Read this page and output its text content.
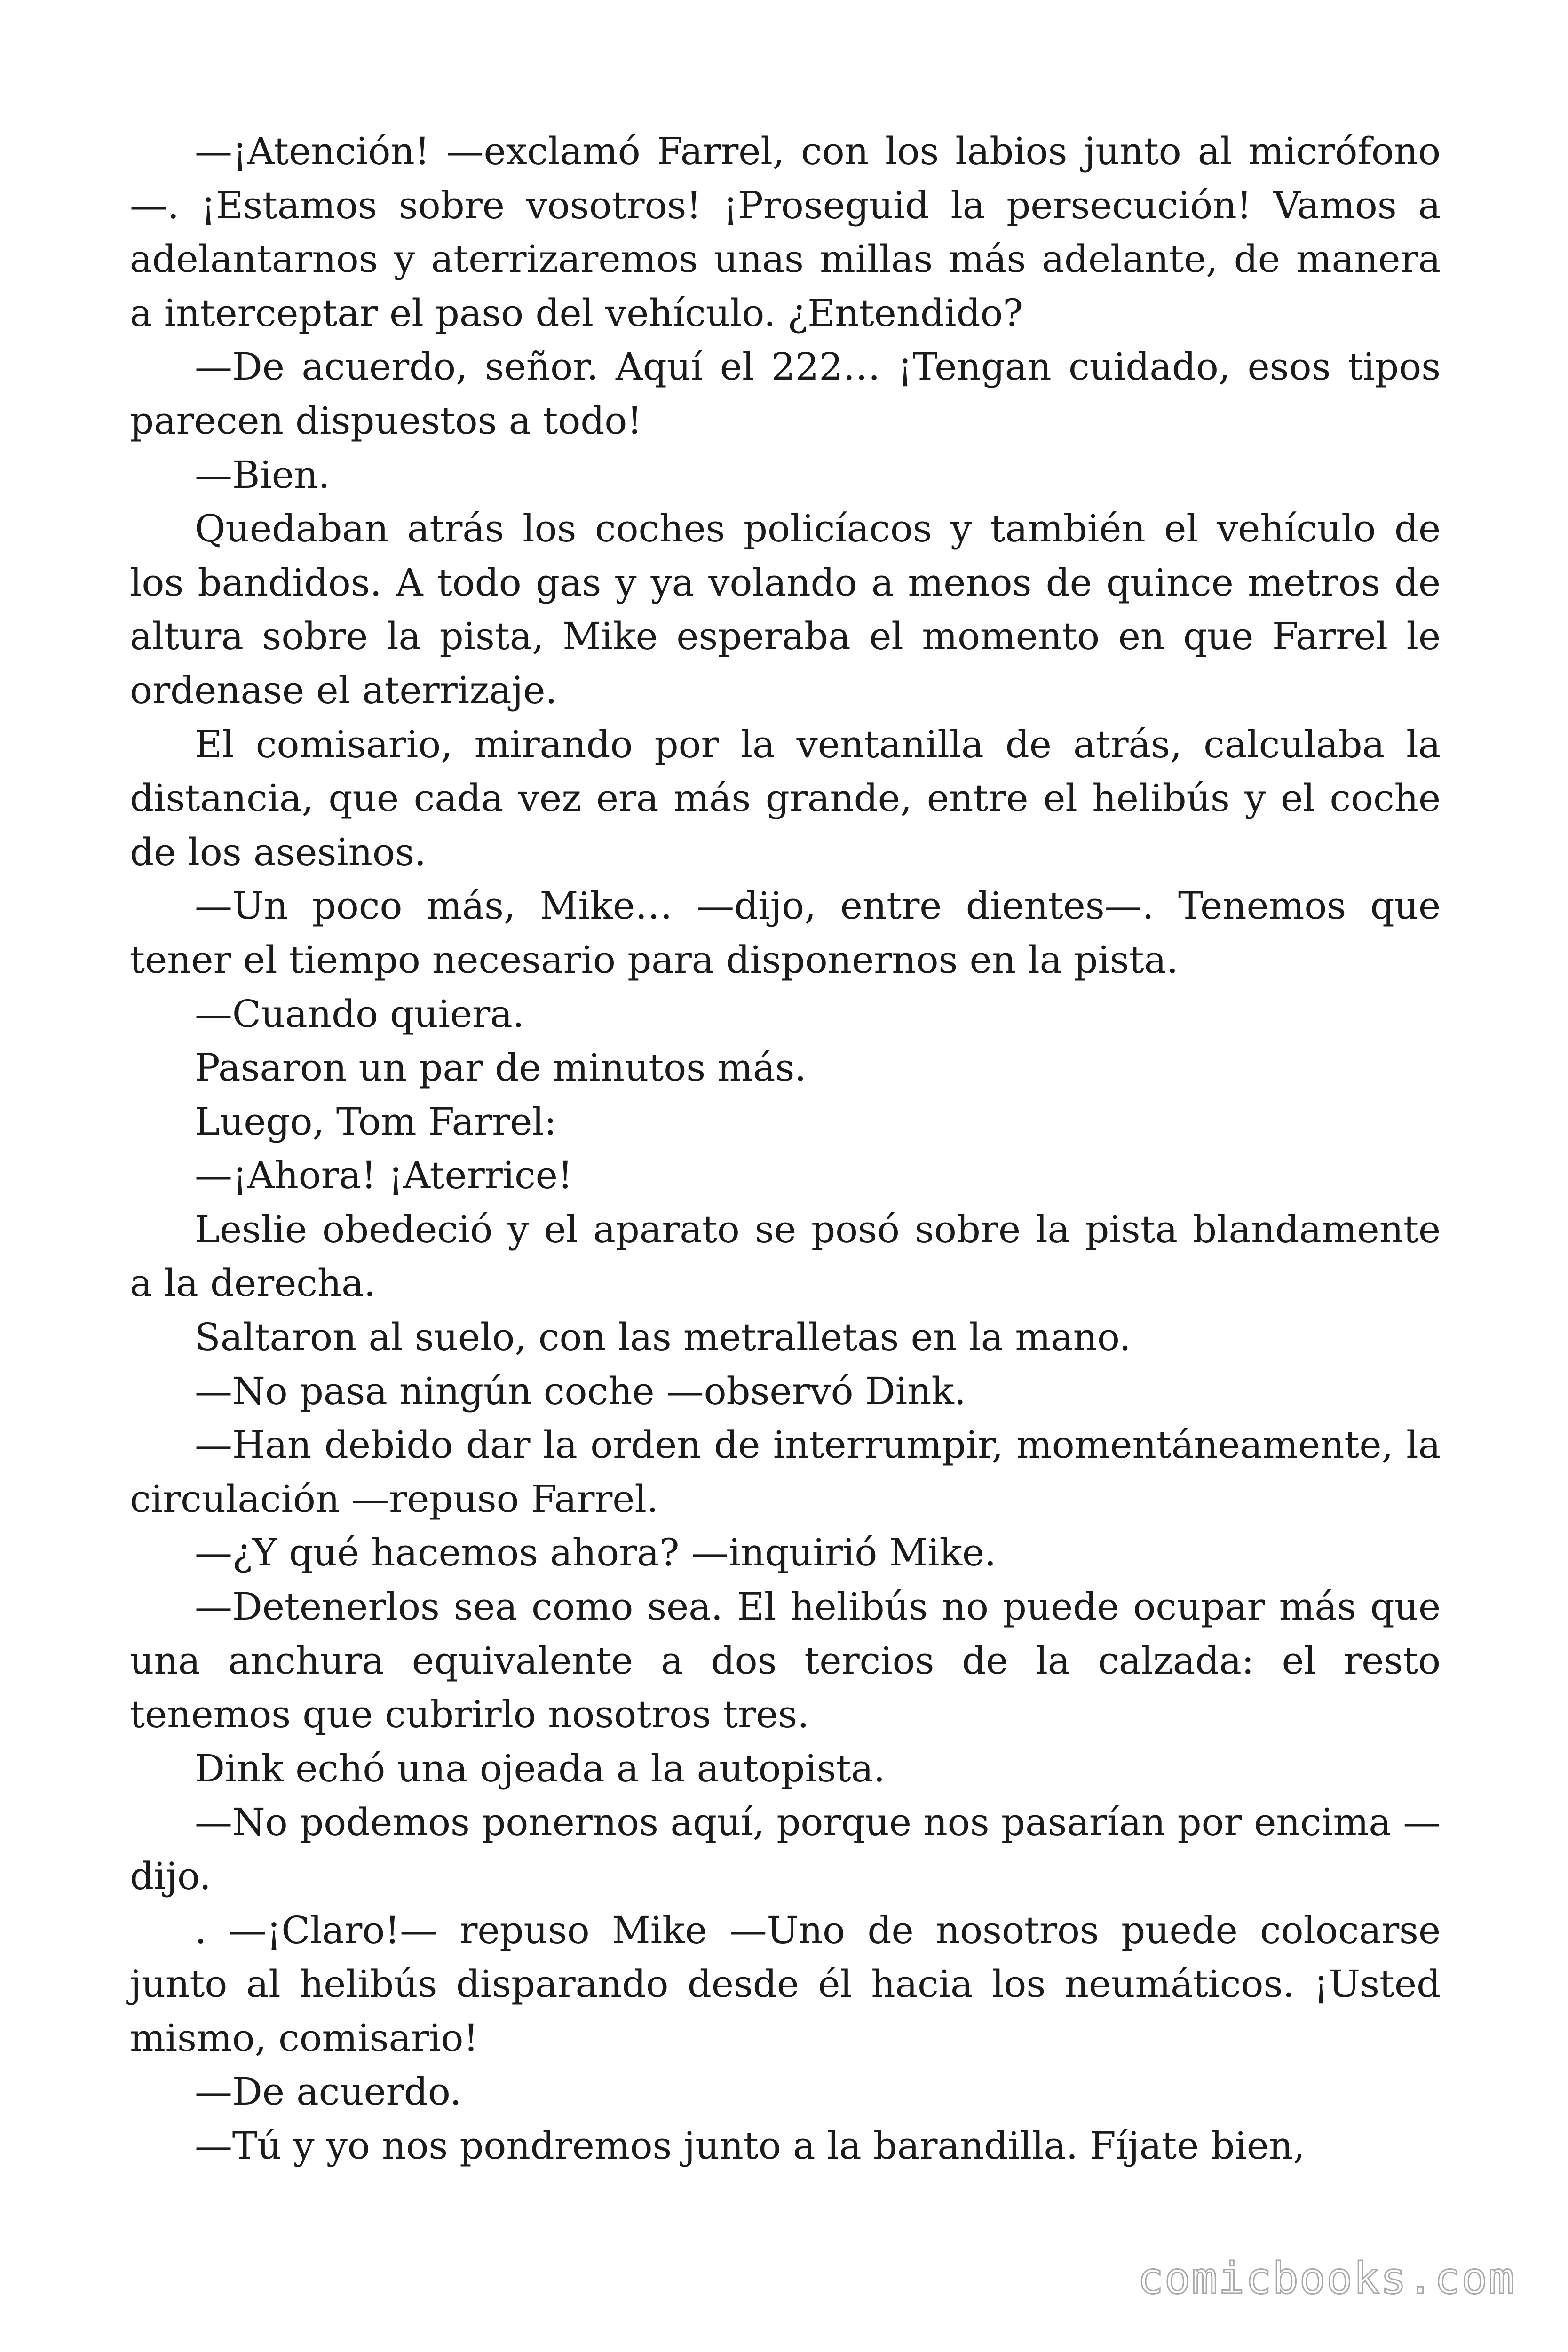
—¡Atención! —exclamó Farrel, con los labios junto al micrófono —. ¡Estamos sobre vosotros! ¡Proseguid la persecución! Vamos a adelantarnos y aterrizaremos unas millas más adelante, de manera a interceptar el paso del vehículo. ¿Entendido?

—De acuerdo, señor. Aquí el 222… ¡Tengan cuidado, esos tipos parecen dispuestos a todo!

—Bien.

Quedaban atrás los coches policíacos y también el vehículo de los bandidos. A todo gas y ya volando a menos de quince metros de altura sobre la pista, Mike esperaba el momento en que Farrel le ordenase el aterrizaje.

El comisario, mirando por la ventanilla de atrás, calculaba la distancia, que cada vez era más grande, entre el helibús y el coche de los asesinos.

—Un poco más, Mike… —dijo, entre dientes—. Tenemos que tener el tiempo necesario para disponernos en la pista.

—Cuando quiera.

Pasaron un par de minutos más.

Luego, Tom Farrel:

—¡Ahora! ¡Aterrice!

Leslie obedeció y el aparato se posó sobre la pista blandamente a la derecha.

Saltaron al suelo, con las metralletas en la mano.

—No pasa ningún coche —observó Dink.

—Han debido dar la orden de interrumpir, momentáneamente, la circulación —repuso Farrel.

—¿Y qué hacemos ahora? —inquirió Mike.

—Detenerlos sea como sea. El helibús no puede ocupar más que una anchura equivalente a dos tercios de la calzada: el resto tenemos que cubrirlo nosotros tres.

Dink echó una ojeada a la autopista.

—No podemos ponernos aquí, porque nos pasarían por encima —dijo.

. —¡Claro!— repuso Mike —Uno de nosotros puede colocarse junto al helibús disparando desde él hacia los neumáticos. ¡Usted mismo, comisario!

—De acuerdo.

—Tú y yo nos pondremos junto a la barandilla. Fíjate bien,

comicbooks.com
